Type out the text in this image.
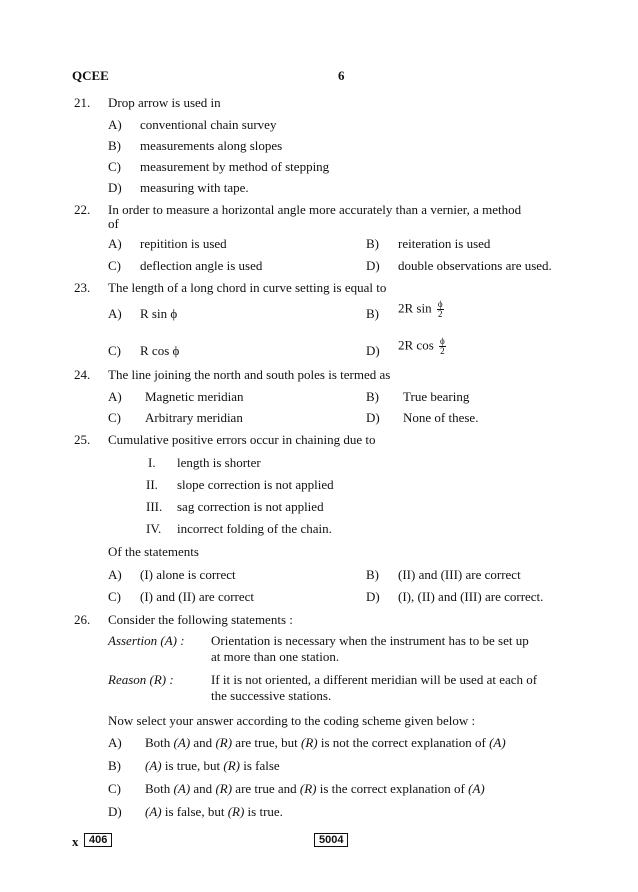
QCEE	6
21. Drop arrow is used in
A) conventional chain survey
B) measurements along slopes
C) measurement by method of stepping
D) measuring with tape.
22. In order to measure a horizontal angle more accurately than a vernier, a method
of
A) repitition is used	B) reiteration is used
C) deflection angle is used	D) double observations are used.
23. The length of a long chord in curve setting is equal to
A) R sin ϕ	B) 2R $\sin \frac{\phi}{2}$
C) R cos ϕ	D) 2R $\cos \frac{\phi}{2}$
24. The line joining the north and south poles is termed as
A) Magnetic meridian	B) True bearing
C) Arbitrary meridian	D) None of these.
25. Cumulative positive errors occur in chaining due to
I. length is shorter
II. slope correction is not applied
III. sag correction is not applied
IV. incorrect folding of the chain.
Of the statements
A) (I) alone is correct	B) (II) and (III) are correct
C) (I) and (II) are correct	D) (I), (II) and (III) are correct.
26. Consider the following statements :
Assertion (A) : Orientation is necessary when the instrument has to be set up
at more than one station.
Reason (R) :	If it is not oriented, a different meridian will be used at each of
the successive stations.
Now select your answer according to the coding scheme given below :
A) Both (A) and (R) are true, but (R) is not the correct explanation of (A)
B) (A) is true, but (R) is false
C) Both (A) and (R) are true and (R) is the correct explanation of (A)
D) (A) is false, but (R) is true.
x 406	5004
